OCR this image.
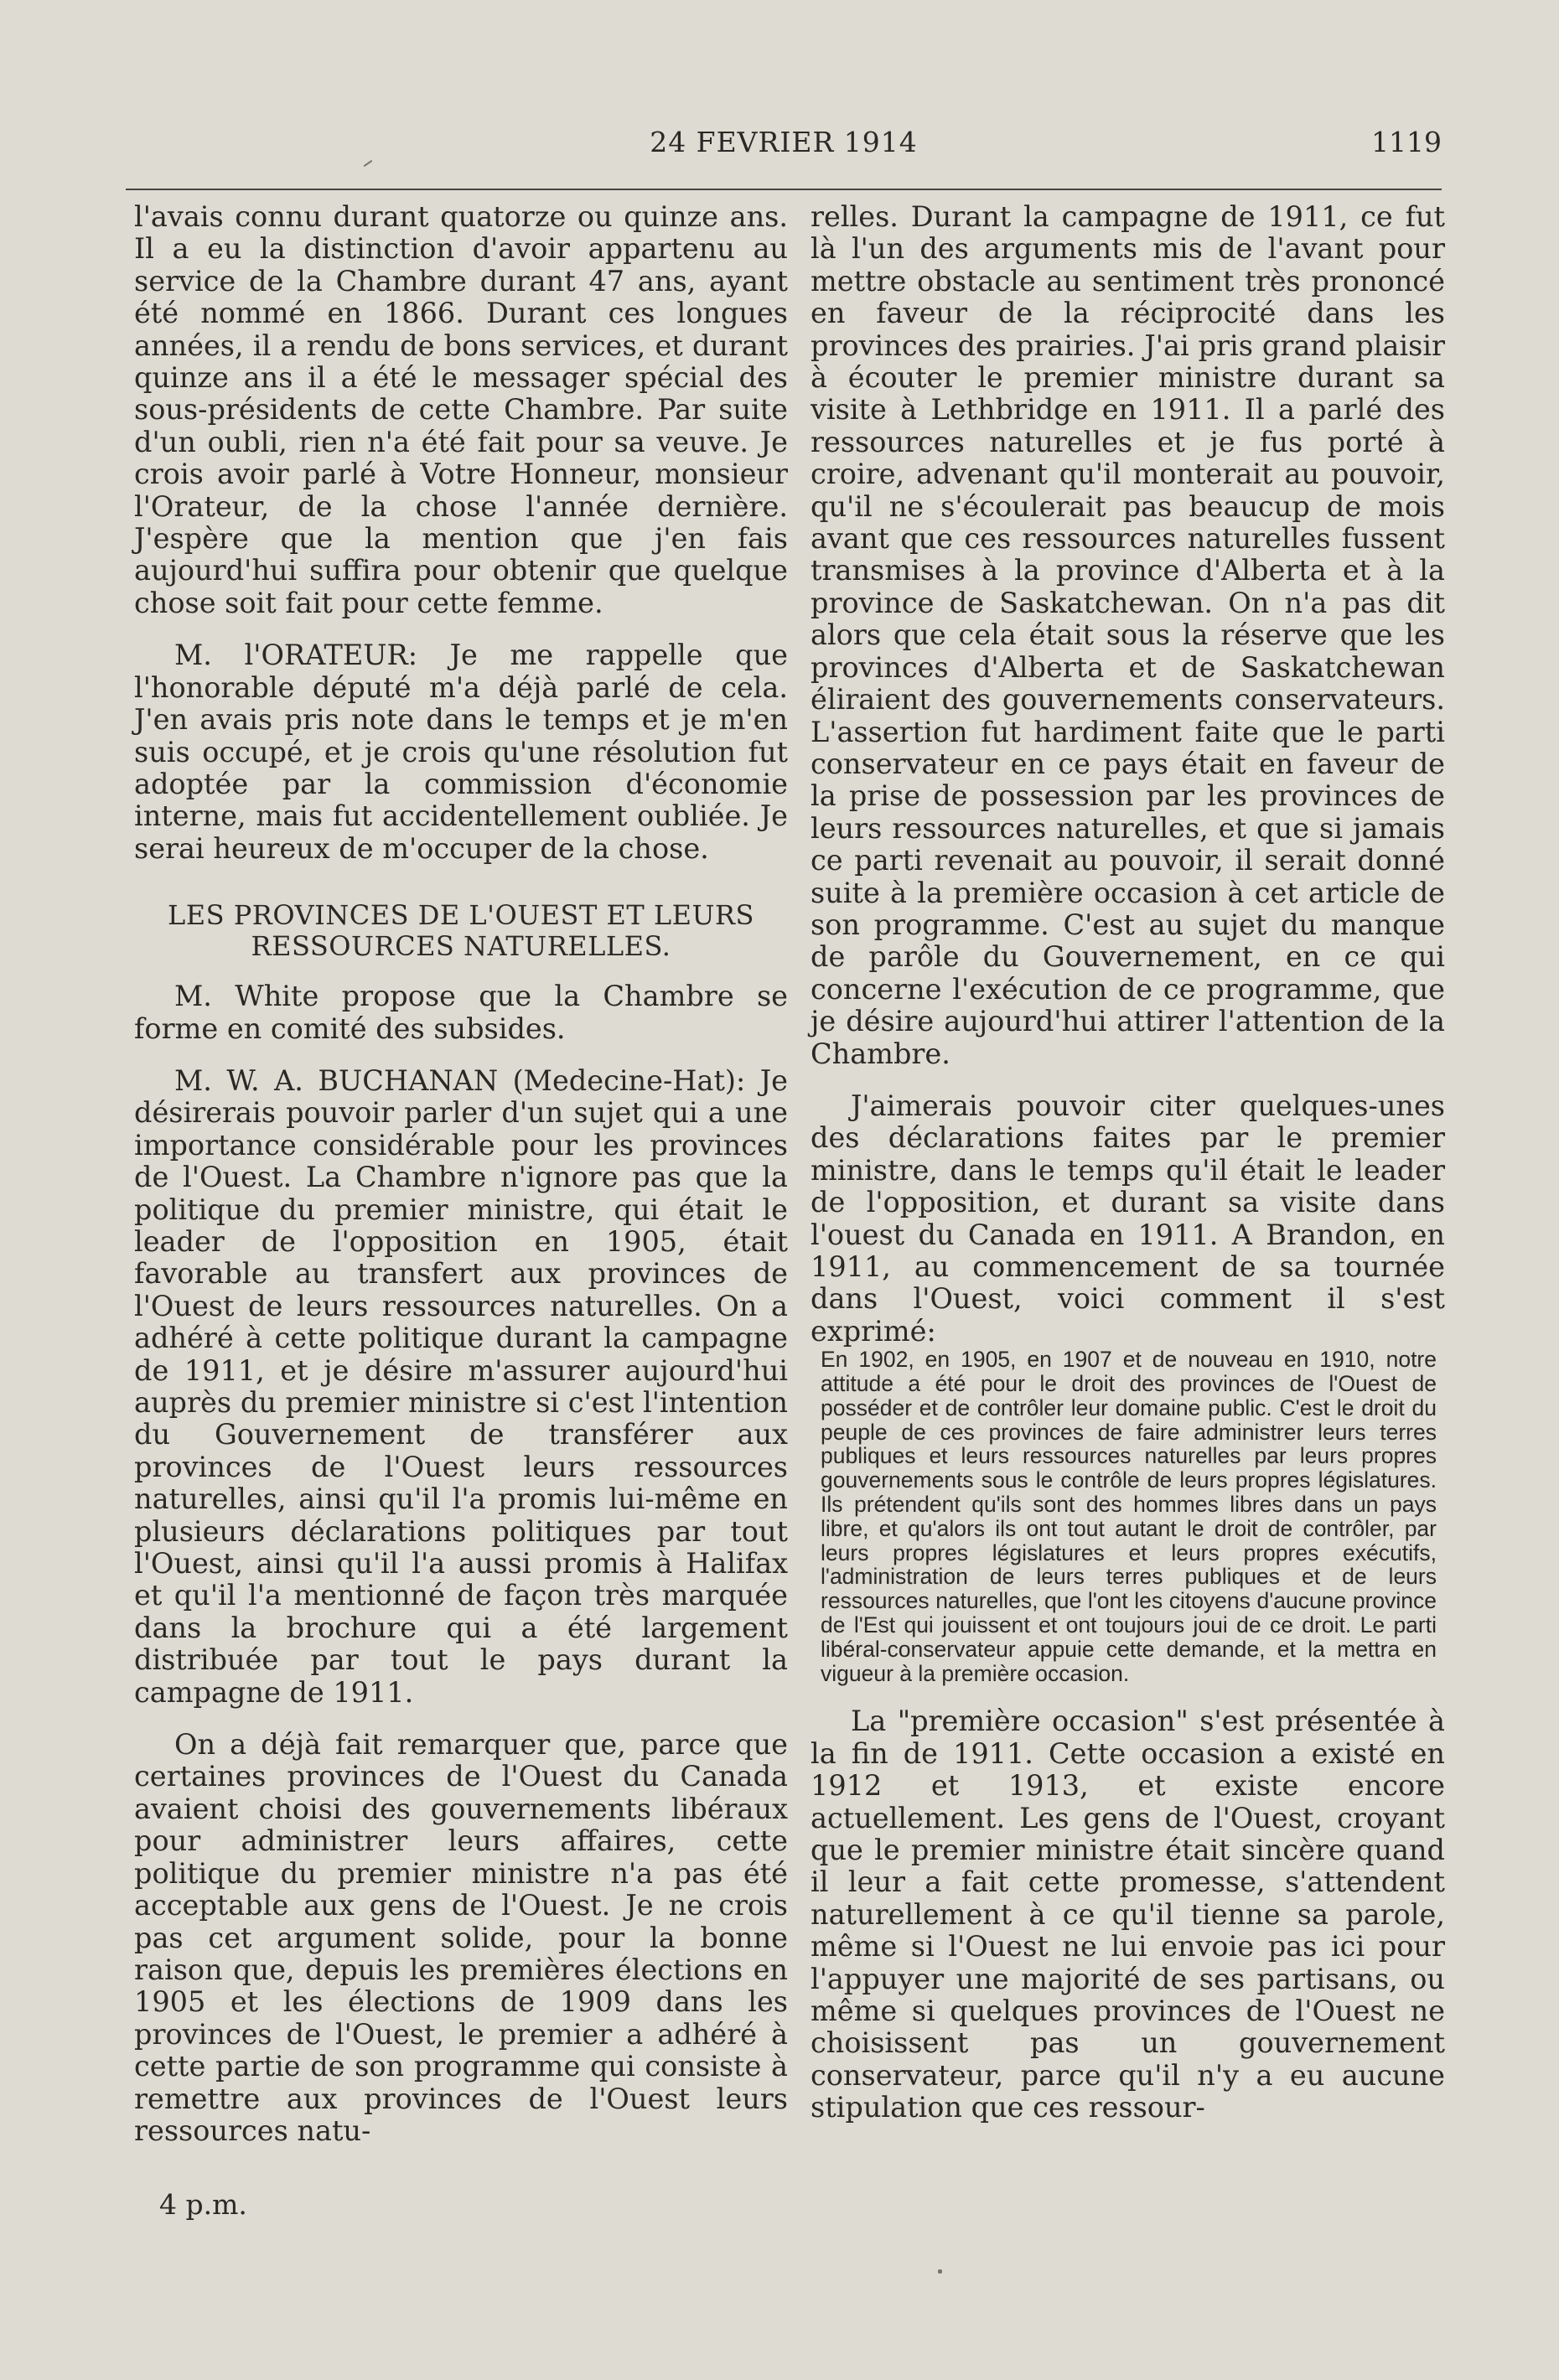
24 FEVRIER 1914	1119

l'avais connu durant quatorze ou quinze ans. Il a eu la distinction d'avoir appartenu au service de la Chambre durant 47 ans, ayant été nommé en 1866. Durant ces longues années, il a rendu de bons services, et durant quinze ans il a été le messager spécial des sous-présidents de cette Chambre. Par suite d'un oubli, rien n'a été fait pour sa veuve. Je crois avoir parlé à Votre Honneur, monsieur l'Orateur, de la chose l'année dernière. J'espère que la mention que j'en fais aujourd'hui suffira pour obtenir que quelque chose soit fait pour cette femme.

M. l'ORATEUR: Je me rappelle que l'honorable député m'a déjà parlé de cela. J'en avais pris note dans le temps et je m'en suis occupé, et je crois qu'une résolution fut adoptée par la commission d'économie interne, mais fut accidentellement oubliée. Je serai heureux de m'occuper de la chose.

LES PROVINCES DE L'OUEST ET LEURS RESSOURCES NATURELLES.

M. White propose que la Chambre se forme en comité des subsides.

M. W. A. BUCHANAN (Medecine-Hat): Je désirerais pouvoir parler d'un sujet qui a une importance considérable pour les provinces de l'Ouest. La Chambre n'ignore pas que la politique du premier ministre, qui était le leader de l'opposition en 1905, était favorable au transfert aux provinces de l'Ouest de leurs ressources naturelles. On a adhéré à cette politique durant la campagne de 1911, et je désire m'assurer aujourd'hui auprès du premier ministre si c'est l'intention du Gouvernement de transférer aux provinces de l'Ouest leurs ressources naturelles, ainsi qu'il l'a promis lui-même en plusieurs déclarations politiques par tout l'Ouest, ainsi qu'il l'a aussi promis à Halifax et qu'il l'a mentionné de façon très marquée dans la brochure qui a été largement distribuée par tout le pays durant la campagne de 1911.

On a déjà fait remarquer que, parce que certaines provinces de l'Ouest du Canada avaient choisi des gouvernements libéraux pour administrer leurs affaires, cette politique du premier ministre n'a pas été acceptable aux gens de l'Ouest. Je ne crois pas cet argument solide, pour la bonne raison que, depuis les premières élections en 1905 et les élections de 1909 dans les provinces de l'Ouest, le premier a adhéré à cette partie de son programme qui consiste à remettre aux provinces de l'Ouest leurs ressources natu-

4 p.m.

relles. Durant la campagne de 1911, ce fut là l'un des arguments mis de l'avant pour mettre obstacle au sentiment très prononcé en faveur de la réciprocité dans les provinces des prairies. J'ai pris grand plaisir à écouter le premier ministre durant sa visite à Lethbridge en 1911. Il a parlé des ressources naturelles et je fus porté à croire, advenant qu'il monterait au pouvoir, qu'il ne s'écoulerait pas beaucup de mois avant que ces ressources naturelles fussent transmises à la province d'Alberta et à la province de Saskatchewan. On n'a pas dit alors que cela était sous la réserve que les provinces d'Alberta et de Saskatchewan éliraient des gouvernements conservateurs. L'assertion fut hardiment faite que le parti conservateur en ce pays était en faveur de la prise de possession par les provinces de leurs ressources naturelles, et que si jamais ce parti revenait au pouvoir, il serait donné suite à la première occasion à cet article de son programme. C'est au sujet du manque de parôle du Gouvernement, en ce qui concerne l'exécution de ce programme, que je désire aujourd'hui attirer l'attention de la Chambre.

J'aimerais pouvoir citer quelques-unes des déclarations faites par le premier ministre, dans le temps qu'il était le leader de l'opposition, et durant sa visite dans l'ouest du Canada en 1911. A Brandon, en 1911, au commencement de sa tournée dans l'Ouest, voici comment il s'est exprimé:

En 1902, en 1905, en 1907 et de nouveau en 1910, notre attitude a été pour le droit des provinces de l'Ouest de posséder et de contrôler leur domaine public. C'est le droit du peuple de ces provinces de faire administrer leurs terres publiques et leurs ressources naturelles par leurs propres gouvernements sous le contrôle de leurs propres législatures. Ils prétendent qu'ils sont des hommes libres dans un pays libre, et qu'alors ils ont tout autant le droit de contrôler, par leurs propres législatures et leurs propres exécutifs, l'administration de leurs terres publiques et de leurs ressources naturelles, que l'ont les citoyens d'aucune province de l'Est qui jouissent et ont toujours joui de ce droit. Le parti libéral-conservateur appuie cette demande, et la mettra en vigueur à la première occasion.

La "première occasion" s'est présentée à la fin de 1911. Cette occasion a existé en 1912 et 1913, et existe encore actuellement. Les gens de l'Ouest, croyant que le premier ministre était sincère quand il leur a fait cette promesse, s'attendent naturellement à ce qu'il tienne sa parole, même si l'Ouest ne lui envoie pas ici pour l'appuyer une majorité de ses partisans, ou même si quelques provinces de l'Ouest ne choisissent pas un gouvernement conservateur, parce qu'il n'y a eu aucune stipulation que ces ressour-
